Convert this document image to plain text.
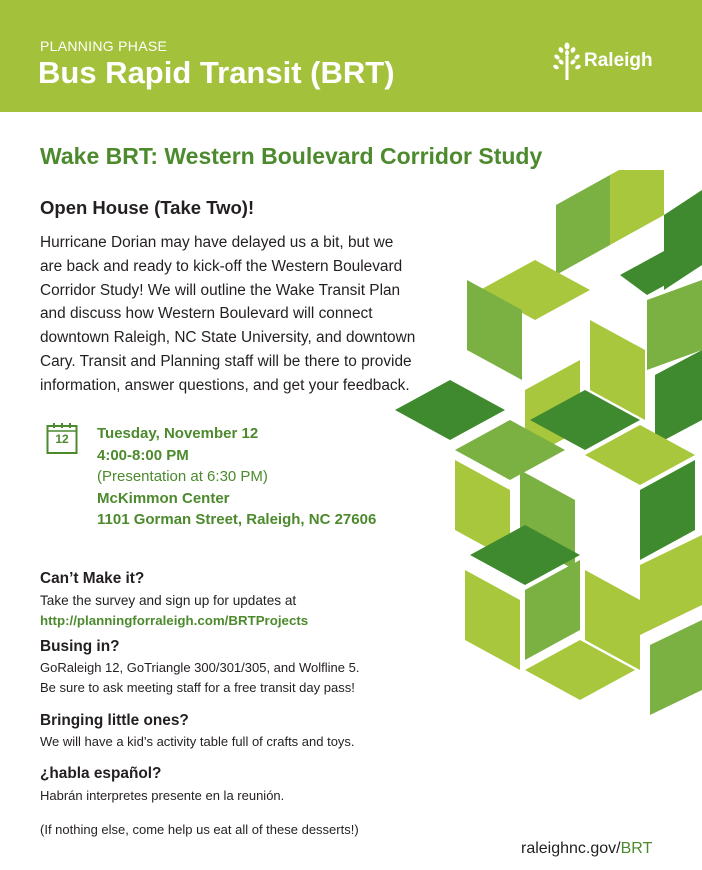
PLANNING PHASE
Bus Rapid Transit (BRT)	Raleigh
Wake BRT: Western Boulevard Corridor Study
Open House (Take Two)!
Hurricane Dorian may have delayed us a bit, but we
are back and ready to kick-off the Western Boulevard
Corridor Study! We will outline the Wake Transit Plan
and discuss how Western Boulevard will connect
downtown Raleigh, NC State University, and downtown
Cary. Transit and Planning staff will be there to provide
information, answer questions, and get your feedback.
12	Tuesday, November 12
4:00-8:00 PM
(Presentation at 6:30 PM)
McKimmon Center
1101 Gorman Street, Raleigh, NC 27606
Can’t Make it?
Take the survey and sign up for updates at
http://planningforraleigh.com/BRTProjects
Busing in?
GoRaleigh 12, GoTriangle 300/301/305, and Wolfline 5.
Be sure to ask meeting staff for a free transit day pass!
Bringing little ones?
We will have a kid’s activity table full of crafts and toys.
¿habla español?
Habrán interpretes presente en la reunión.
(If nothing else, come help us eat all of these desserts!)
raleighnc.gov/BRT
